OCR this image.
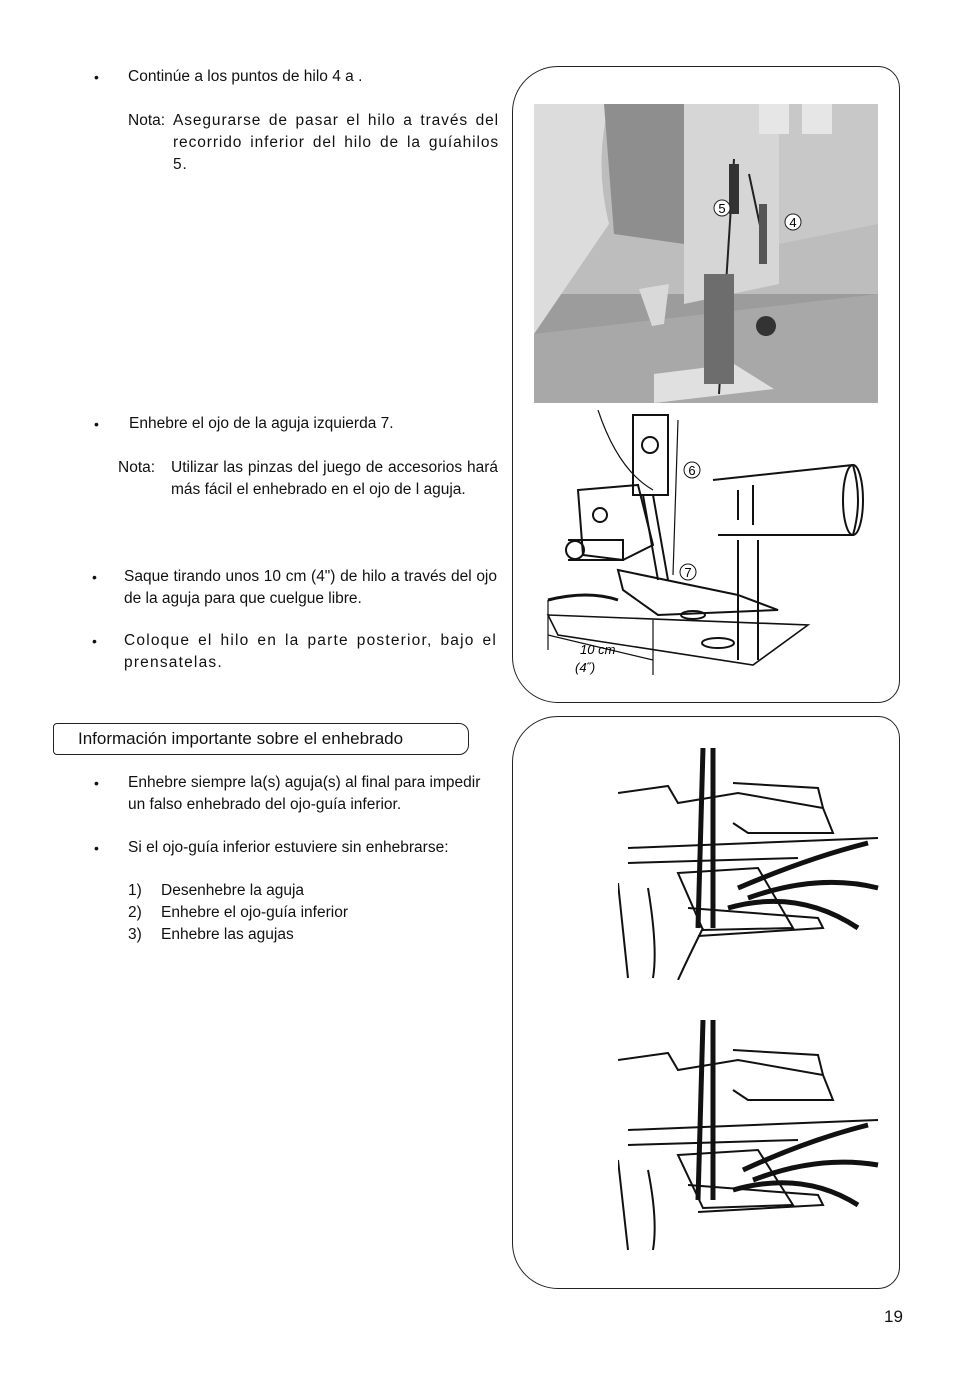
• Continúe a los puntos de hilo 4 a .
Nota: Asegurarse de pasar el hilo a través del recorrido inferior del hilo de la guíahilos 5.
• Enhebre el ojo de la aguja izquierda 7.
Nota: Utilizar las pinzas del juego de accesorios hará más fácil el enhebrado en el ojo de l aguja.
• Saque tirando unos 10 cm (4") de hilo a través del ojo de la aguja para que cuelgue libre.
• Coloque el hilo en la parte posterior, bajo el prensatelas.
Información importante sobre el enhebrado
• Enhebre siempre la(s) aguja(s) al final para impedir un falso enhebrado del ojo-guía inferior.
• Si el ojo-guía inferior estuviere sin enhebrarse:
1) Desenhebre la aguja
2) Enhebre el ojo-guía inferior
3) Enhebre las agujas
5
4
6
7
10 cm
(4˝)
19
